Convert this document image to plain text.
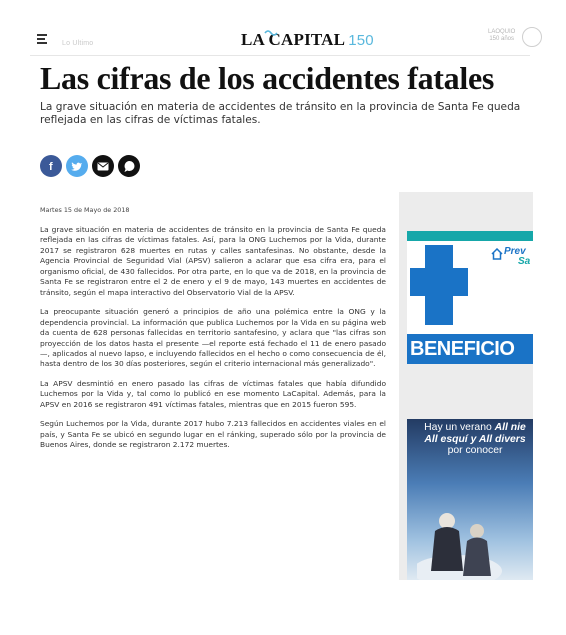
Lo Ultimo	LA CAPITAL 150	LAOQUIO
150 años
Las cifras de los accidentes fatales

La grave situación en materia de accidentes de tránsito en la provincia de Santa Fe queda reflejada en las cifras de víctimas fatales.

f
Martes 15 de Mayo de 2018

La grave situación en materia de accidentes de tránsito en la provincia de Santa Fe queda reflejada en las cifras de víctimas fatales. Así, para la ONG Luchemos por la Vida, durante 2017 se registraron 628 muertes en rutas y calles santafesinas. No obstante, desde la Agencia Provincial de Seguridad Vial (APSV) salieron a aclarar que esa cifra era, para el organismo oficial, de 430 fallecidos. Por otra parte, en lo que va de 2018, en la provincia de Santa Fe se registraron entre el 2 de enero y el 9 de mayo, 143 muertes en accidentes de tránsito, según el mapa interactivo del Observatorio Vial de la APSV.

La preocupante situación generó a principios de año una polémica entre la ONG y la dependencia provincial. La información que publica Luchemos por la Vida en su página web da cuenta de 628 personas fallecidas en territorio santafesino, y aclara que "las cifras son proyección de los datos hasta el presente —el reporte está fechado el 11 de enero pasado—, aplicados al nuevo lapso, e incluyendo fallecidos en el hecho o como consecuencia de él, hasta dentro de los 30 días posteriores, según el criterio internacional más generalizado".

La APSV desmintió en enero pasado las cifras de víctimas fatales que había difundido Luchemos por la Vida y, tal como lo publicó en ese momento LaCapital. Además, para la APSV en 2016 se registraron 491 víctimas fatales, mientras que en 2015 fueron 595.

Según Luchemos por la Vida, durante 2017 hubo 7.213 fallecidos en accidentes viales en el país, y Santa Fe se ubicó en segundo lugar en el ránking, superado sólo por la provincia de Buenos Aires, donde se registraron 2.172 muertes.

Prev
Sa
BENEFICIO
Hay un verano All nie
All esquí y All divers
por conocer
